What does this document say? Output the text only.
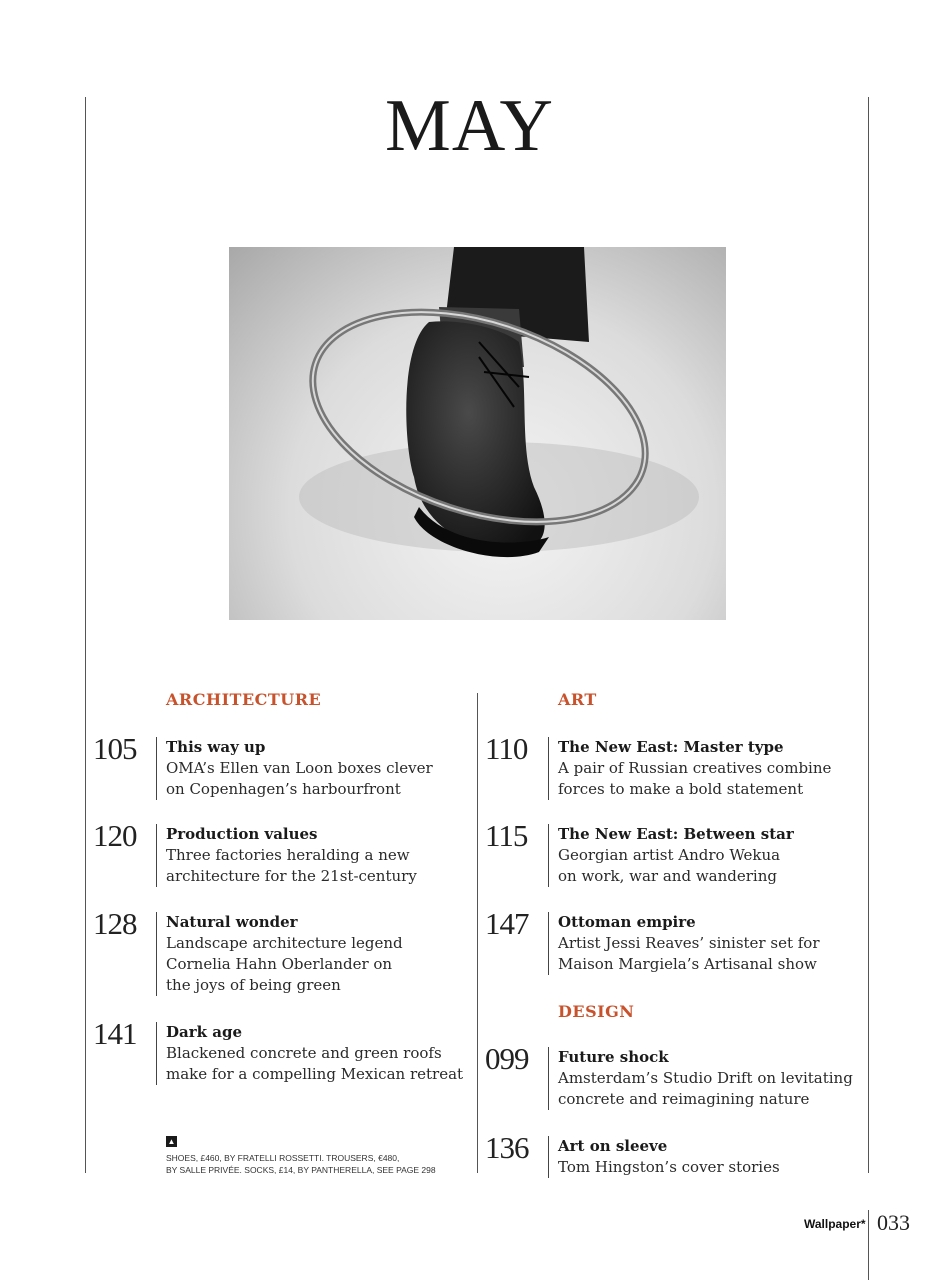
MAY
ARCHITECTURE
105 This way up
OMA’s Ellen van Loon boxes clever
on Copenhagen’s harbourfront
120 Production values
Three factories heralding a new
architecture for the 21st-century
128 Natural wonder
Landscape architecture legend
Cornelia Hahn Oberlander on
the joys of being green
141 Dark age
Blackened concrete and green roofs
make for a compelling Mexican retreat
▲
SHOES, £460, BY FRATELLI ROSSETTI. TROUSERS, €480,
BY SALLE PRIVÉE. SOCKS, £14, BY PANTHERELLA, SEE PAGE 298
ART
110 The New East: Master type
A pair of Russian creatives combine
forces to make a bold statement
115 The New East: Between star
Georgian artist Andro Wekua
on work, war and wandering
147 Ottoman empire
Artist Jessi Reaves’ sinister set for
Maison Margiela’s Artisanal show
DESIGN
099 Future shock
Amsterdam’s Studio Drift on levitating
concrete and reimagining nature
136 Art on sleeve
Tom Hingston’s cover stories
Wallpaper* 033
